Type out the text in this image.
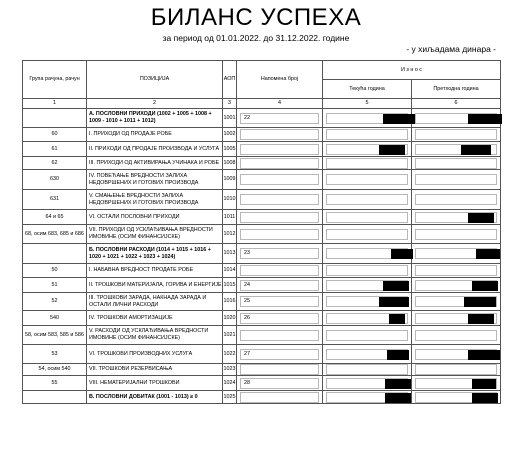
БИЛАНС УСПЕХА
за период од 01.01.2022. до 31.12.2022. године
- у хиљадама динара -
Група рачуна, рачун	ПОЗИЦИЈА	АОП	Напомена број	И з н о с	
				Текућа година	Претходна година
1	2	3	4	5	6
	А. ПОСЛОВНИ ПРИХОДИ (1002 + 1005 + 1008 + 1009 - 1010 + 1011 + 1012)	1001	22		

60	I. ПРИХОДИ ОД ПРОДАЈЕ РОБЕ	1002	

61	II. ПРИХОДИ ОД ПРОДАЈЕ ПРОИЗВОДА И УСЛУГА	1005	

62	III. ПРИХОДИ ОД АКТИВИРАЊА УЧИНАКА И РОБЕ	1008	

630	IV. ПОВЕЋАЊЕ ВРЕДНОСТИ ЗАЛИХА НЕДОВРШЕНИХ И ГОТОВИХ ПРОИЗВОДА	1009	

631	V. СМАЊЕЊЕ ВРЕДНОСТИ ЗАЛИХА НЕДОВРШЕНИХ И ГОТОВИХ ПРОИЗВОДА	1010	

64 и 65	VI. ОСТАЛИ ПОСЛОВНИ ПРИХОДИ	1011	

68, осим 683, 685 и 686	VII. ПРИХОДИ ОД УСКЛАЂИВАЊА ВРЕДНОСТИ ИМОВИНЕ (ОСИМ ФИНАНСИЈСКЕ)	1012	

	Б. ПОСЛОВНИ РАСХОДИ (1014 + 1015 + 1016 + 1020 + 1021 + 1022 + 1023 + 1024)	1013	23		

50	I. НАБАВНА ВРЕДНОСТ ПРОДАТЕ РОБЕ	1014	

51	II. ТРОШКОВИ МАТЕРИЈАЛА, ГОРИВА И ЕНЕРГИЈЕ	1015	24		

52	III. ТРОШКОВИ ЗАРАДА, НАКНАДА ЗАРАДА И ОСТАЛИ ЛИЧНИ РАСХОДИ	1016	25		

540	IV. ТРОШКОВИ АМОРТИЗАЦИЈЕ	1020	26		

58, осим 583, 585 и 586	V. РАСХОДИ ОД УСКЛАЂИВАЊА ВРЕДНОСТИ ИМОВИНЕ (ОСИМ ФИНАНСИЈСКЕ)	1021	

53	VI. ТРОШКОВИ ПРОИЗВОДНИХ УСЛУГА	1022	27		

54, осим 540	VII. ТРОШКОВИ РЕЗЕРВИСАЊА	1023	

55	VIII. НЕМАТЕРИЈАЛНИ ТРОШКОВИ	1024	28		

	В. ПОСЛОВНИ ДОБИТАК (1001 - 1013) ≥ 0	1025	
